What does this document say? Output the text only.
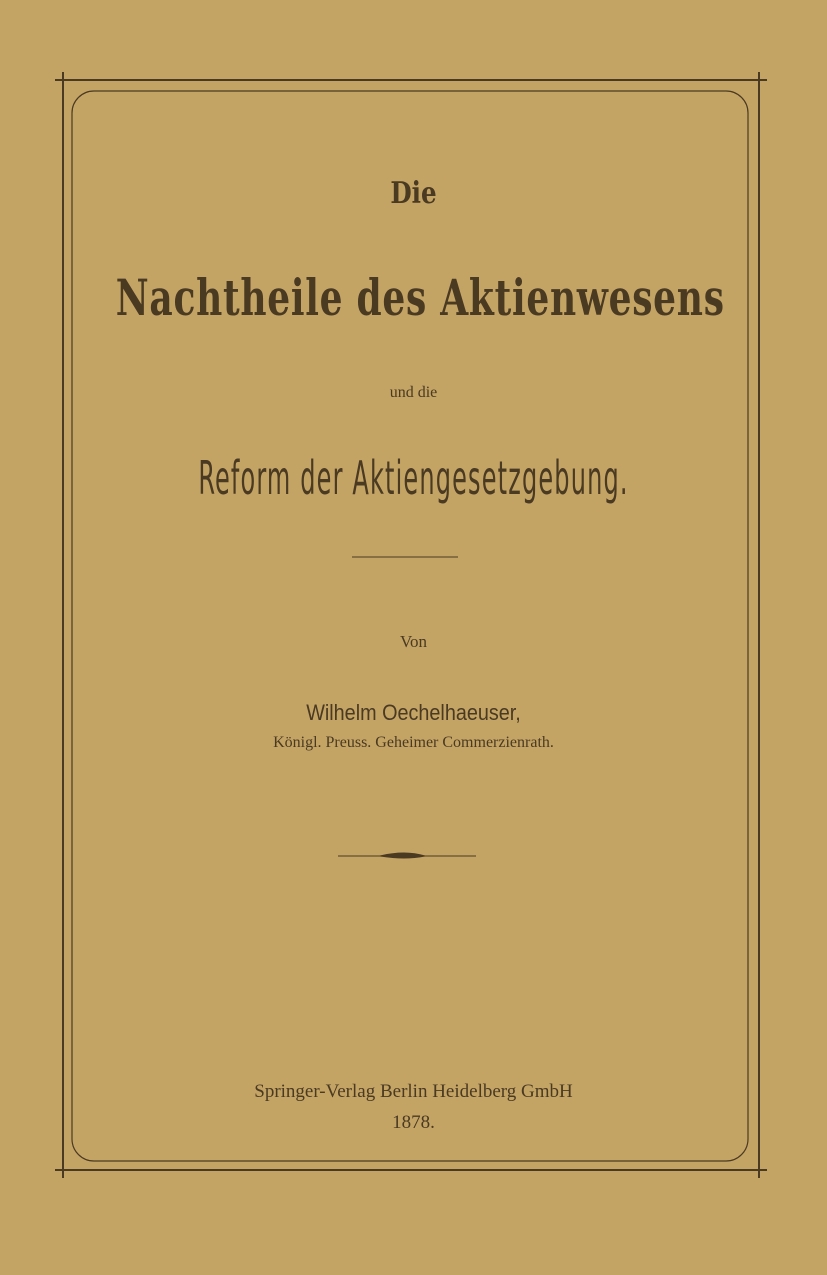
Die
Nachtheile des Aktienwesens
und die
Reform der Aktiengesetzgebung.
Von
Wilhelm Oechelhaeuser,
Königl. Preuss. Geheimer Commerzienrath.
Springer-Verlag Berlin Heidelberg GmbH
1878.
